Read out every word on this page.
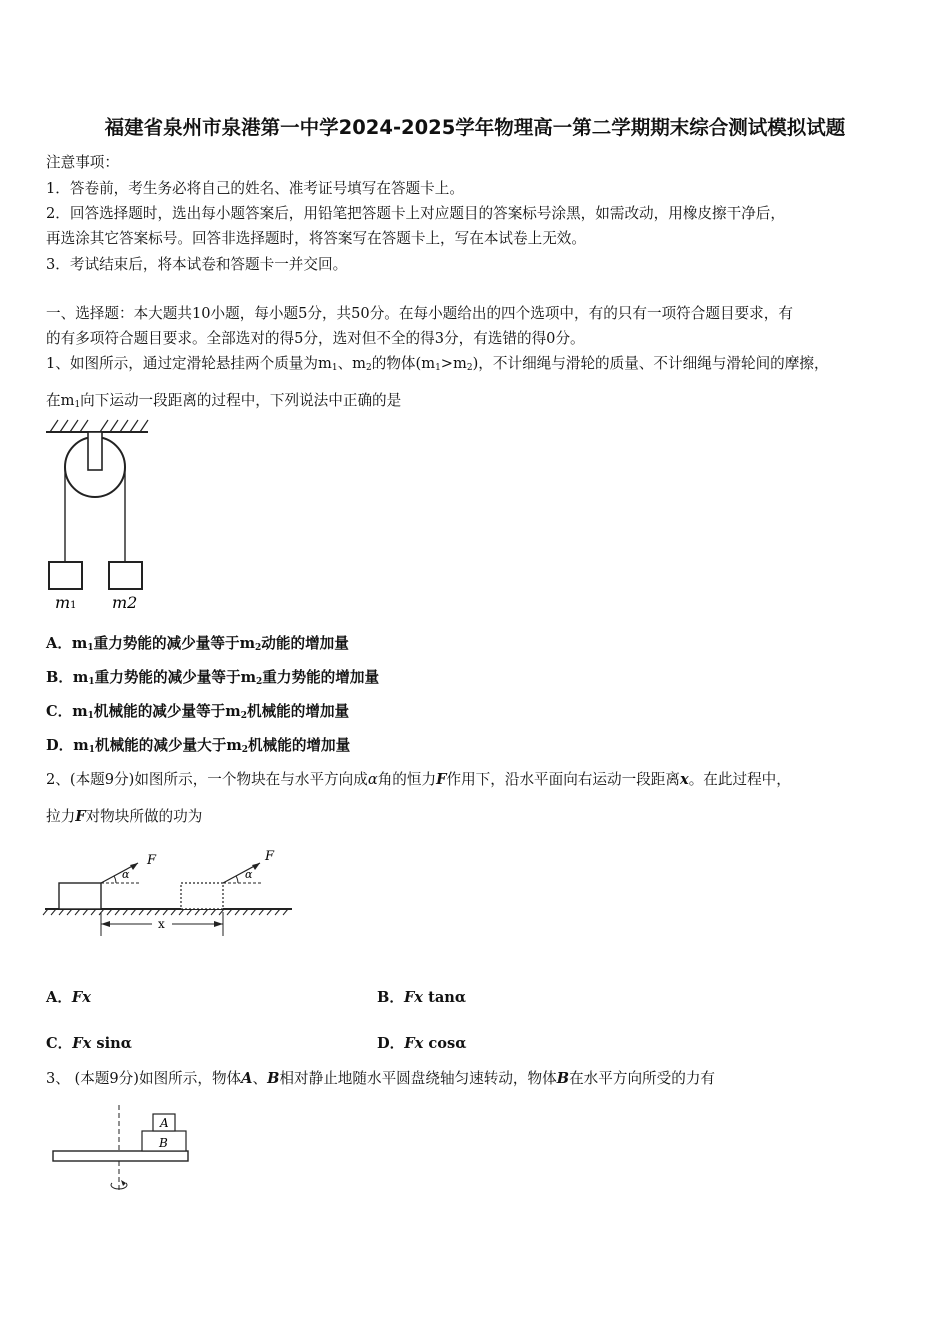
福建省泉州市泉港第一中学2024-2025学年物理高一第二学期期末综合测试模拟试题
注意事项：
1．答卷前，考生务必将自己的姓名、准考证号填写在答题卡上。
2．回答选择题时，选出每小题答案后，用铅笔把答题卡上对应题目的答案标号涂黑，如需改动，用橡皮擦干净后，
再选涂其它答案标号。回答非选择题时，将答案写在答题卡上，写在本试卷上无效。
3．考试结束后，将本试卷和答题卡一并交回。
一、选择题：本大题共10小题，每小题5分，共50分。在每小题给出的四个选项中，有的只有一项符合题目要求，有
的有多项符合题目要求。全部选对的得5分，选对但不全的得3分，有选错的得0分。
1、如图所示，通过定滑轮悬挂两个质量为$m_1$、$m_2$的物体$(m_1>m_2)$，不计细绳与滑轮的质量、不计细绳与滑轮间的摩擦，
在$m_1$向下运动一段距离的过程中，下列说法中正确的是
m1 m2
A．$m_1$重力势能的减少量等于$m_2$动能的增加量
B．$m_1$重力势能的减少量等于$m_2$重力势能的增加量
C．$m_1$机械能的减少量等于$m_2$机械能的增加量
D．$m_1$机械能的减少量大于$m_2$机械能的增加量
2、(本题9分)如图所示，一个物块在与水平方向成α角的恒力F作用下，沿水平面向右运动一段距离x。在此过程中，
拉力F对物块所做的功为
α
F
α
F
x
A．Fx	B．Fx tanα
C．Fx sinα	D．Fx cosα
3、 (本题9分)如图所示，物体A、B相对静止地随水平圆盘绕轴匀速转动，物体B在水平方向所受的力有
A
B
